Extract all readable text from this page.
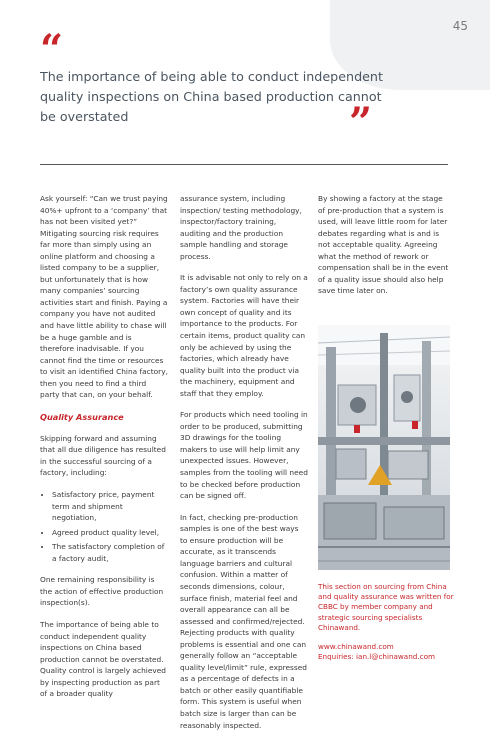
45
“
The importance of being able to conduct independent quality inspections on China based production cannot be overstated	”

Ask yourself: “Can we trust paying 40%+ upfront to a ‘company’ that has not been visited yet?” Mitigating sourcing risk requires far more than simply using an online platform and choosing a listed company to be a supplier, but unfortunately that is how many companies’ sourcing activities start and finish. Paying a company you have not audited and have little ability to chase will be a huge gamble and is therefore inadvisable. If you cannot find the time or resources to visit an identified China factory, then you need to find a third party that can, on your behalf.

Quality Assurance

Skipping forward and assuming that all due diligence has resulted in the successful sourcing of a factory, including:

• Satisfactory price, payment term and shipment negotiation,
• Agreed product quality level,
• The satisfactory completion of a factory audit,

One remaining responsibility is the action of effective production inspection(s).

The importance of being able to conduct independent quality inspections on China based production cannot be overstated. Quality control is largely achieved by inspecting production as part of a broader quality

assurance system, including inspection/ testing methodology, inspector/factory training, auditing and the production sample handling and storage process.

It is advisable not only to rely on a factory’s own quality assurance system. Factories will have their own concept of quality and its importance to the products. For certain items, product quality can only be achieved by using the factories, which already have quality built into the product via the machinery, equipment and staff that they employ.

For products which need tooling in order to be produced, submitting 3D drawings for the tooling makers to use will help limit any unexpected issues. However, samples from the tooling will need to be checked before production can be signed off.

In fact, checking pre-production samples is one of the best ways to ensure production will be accurate, as it transcends language barriers and cultural confusion. Within a matter of seconds dimensions, colour, surface finish, material feel and overall appearance can all be assessed and confirmed/rejected. Rejecting products with quality problems is essential and one can generally follow an “acceptable quality level/limit” rule, expressed as a percentage of defects in a batch or other easily quantifiable form. This system is useful when batch size is larger than can be reasonably inspected.

By showing a factory at the stage of pre-production that a system is used, will leave little room for later debates regarding what is and is not acceptable quality. Agreeing what the method of rework or compensation shall be in the event of a quality issue should also help save time later on.

This section on sourcing from China and quality assurance was written for CBBC by member company and strategic sourcing specialists Chinawand.

www.chinawand.com
Enquiries: ian.l@chinawand.com
